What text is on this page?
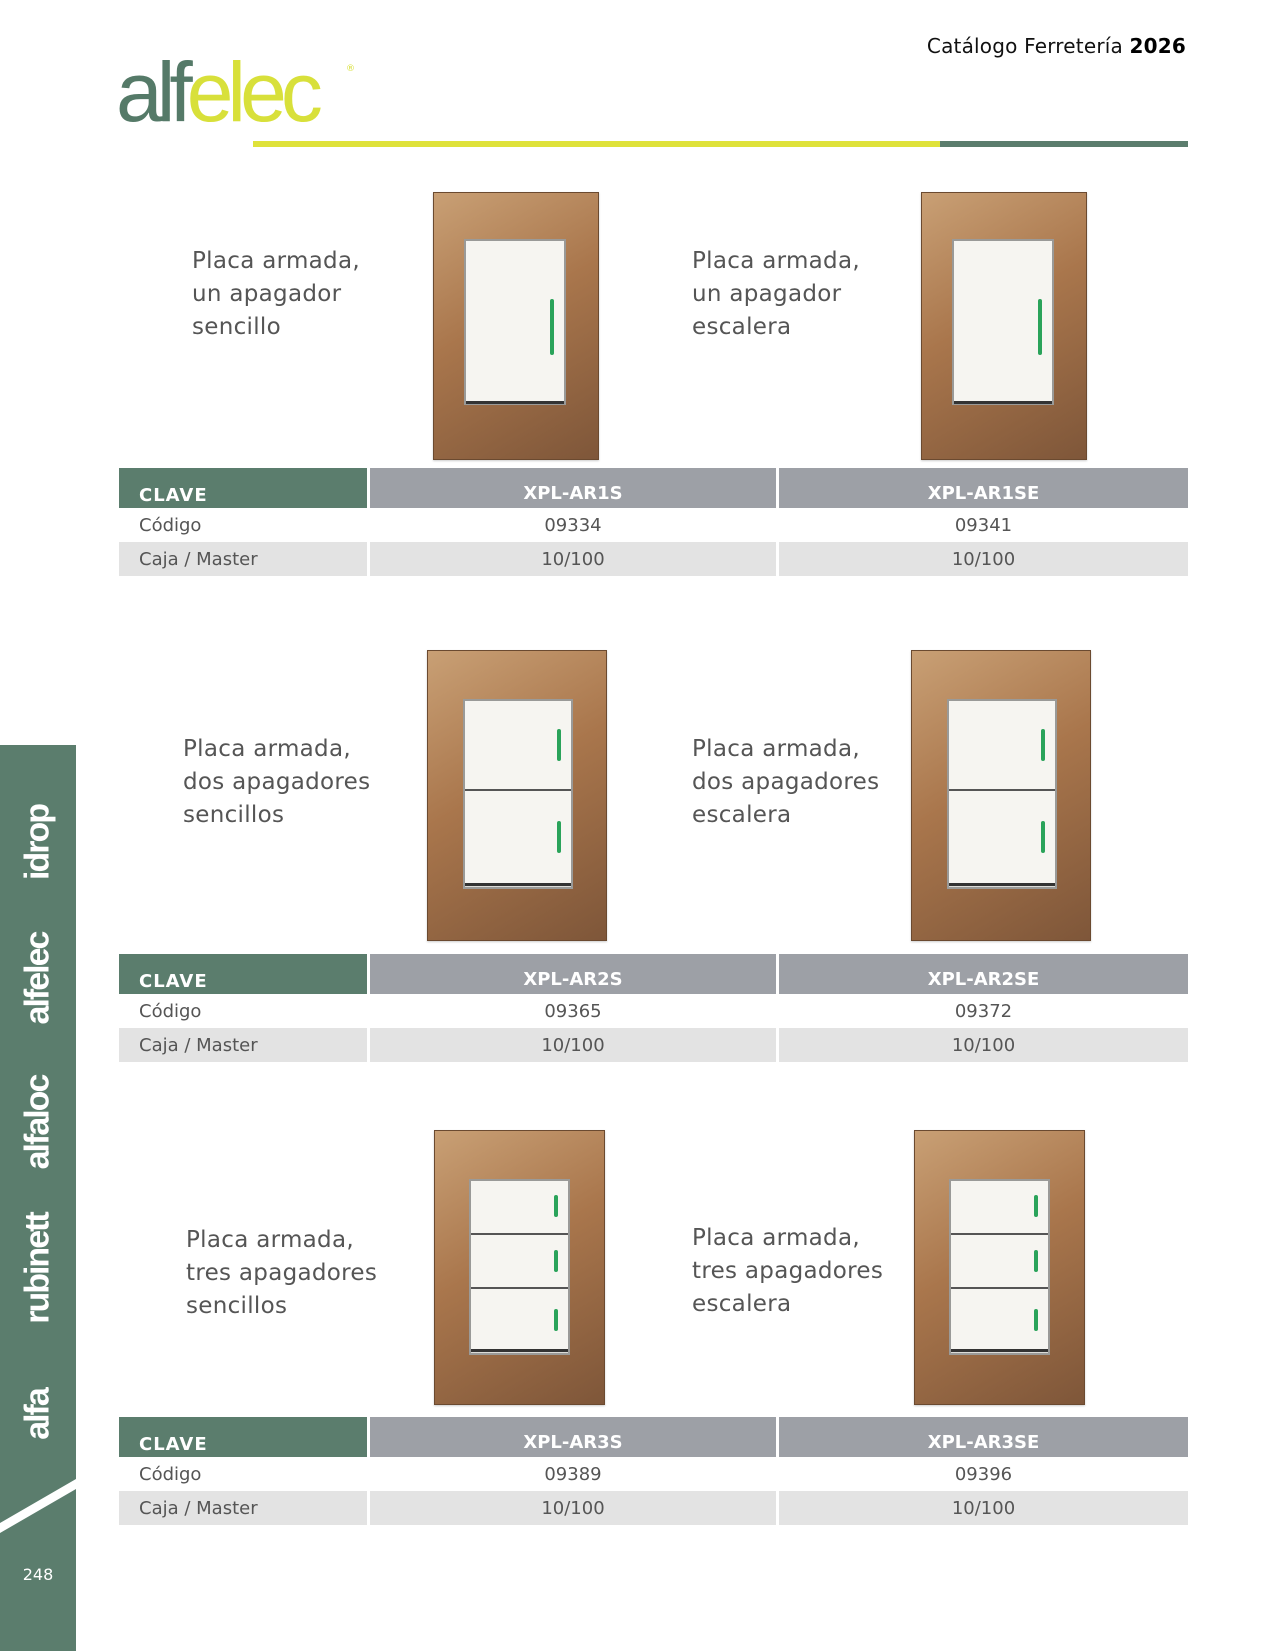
alfelec	®
Catálogo Ferretería 2026
idrop
alfelec
alfaloc
rubinett
alfa
248
Placa armada,
un apagador
sencillo
Placa armada,
un apagador
escalera
CLAVE		XPL-AR1S		XPL-AR1SE
Código		09334		09341
Caja / Master		10/100		10/100
Placa armada,
dos apagadores
sencillos
Placa armada,
dos apagadores
escalera
CLAVE		XPL-AR2S		XPL-AR2SE
Código		09365		09372
Caja / Master		10/100		10/100
Placa armada,
tres apagadores
sencillos
Placa armada,
tres apagadores
escalera
CLAVE		XPL-AR3S		XPL-AR3SE
Código		09389		09396
Caja / Master		10/100		10/100
